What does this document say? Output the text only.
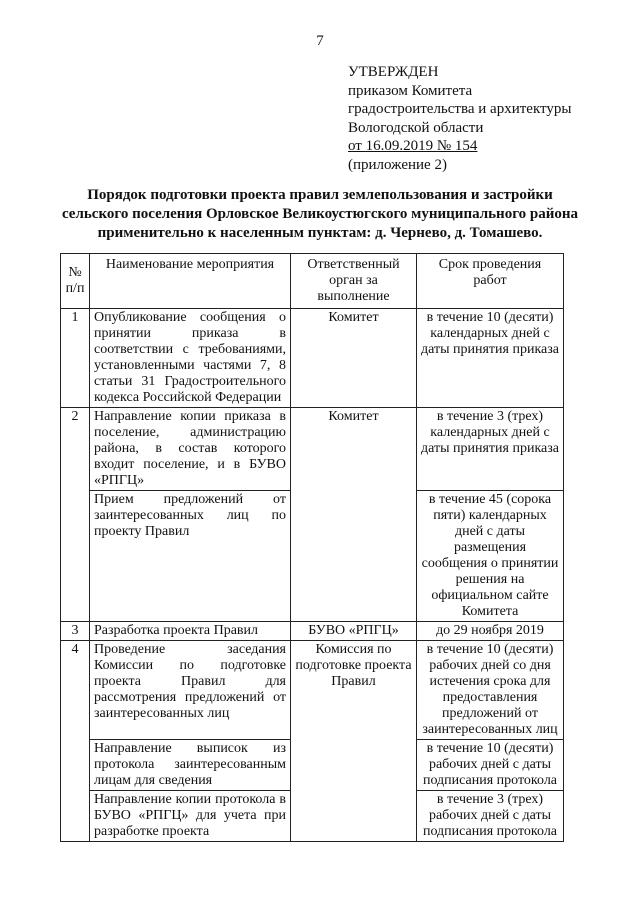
7
УТВЕРЖДЕН
приказом Комитета
градостроительства и архитектуры
Вологодской области
от 16.09.2019 № 154
(приложение 2)
Порядок подготовки проекта правил землепользования и застройки
сельского поселения Орловское Великоустюгского муниципального района
применительно к населенным пунктам: д. Чернево, д. Томашево.
№ п/п	Наименование мероприятия	Ответственный орган за выполнение	Срок проведения работ
1	Опубликование сообщения о принятии приказа в соответствии с требованиями, установленными частями 7, 8 статьи 31 Градостроительного кодекса Российской Федерации	Комитет	в течение 10 (десяти) календарных дней с даты принятия приказа
2	Направление копии приказа в поселение, администрацию района, в состав которого входит поселение, и в БУВО «РПГЦ»	Комитет	в течение 3 (трех) календарных дней с даты принятия приказа
	Прием предложений от заинтересованных лиц по проекту Правил		в течение 45 (сорока пяти) календарных дней с даты размещения сообщения о принятии решения на официальном сайте Комитета
3	Разработка проекта Правил	БУВО «РПГЦ»	до 29 ноября 2019
4	Проведение заседания Комиссии по подготовке проекта Правил для рассмотрения предложений от заинтересованных лиц	Комиссия по подготовке проекта Правил	в течение 10 (десяти) рабочих дней со дня истечения срока для предоставления предложений от заинтересованных лиц
	Направление выписок из протокола заинтересованным лицам для сведения		в течение 10 (десяти) рабочих дней с даты подписания протокола
	Направление копии протокола в БУВО «РПГЦ» для учета при разработке проекта		в течение 3 (трех) рабочих дней с даты подписания протокола
